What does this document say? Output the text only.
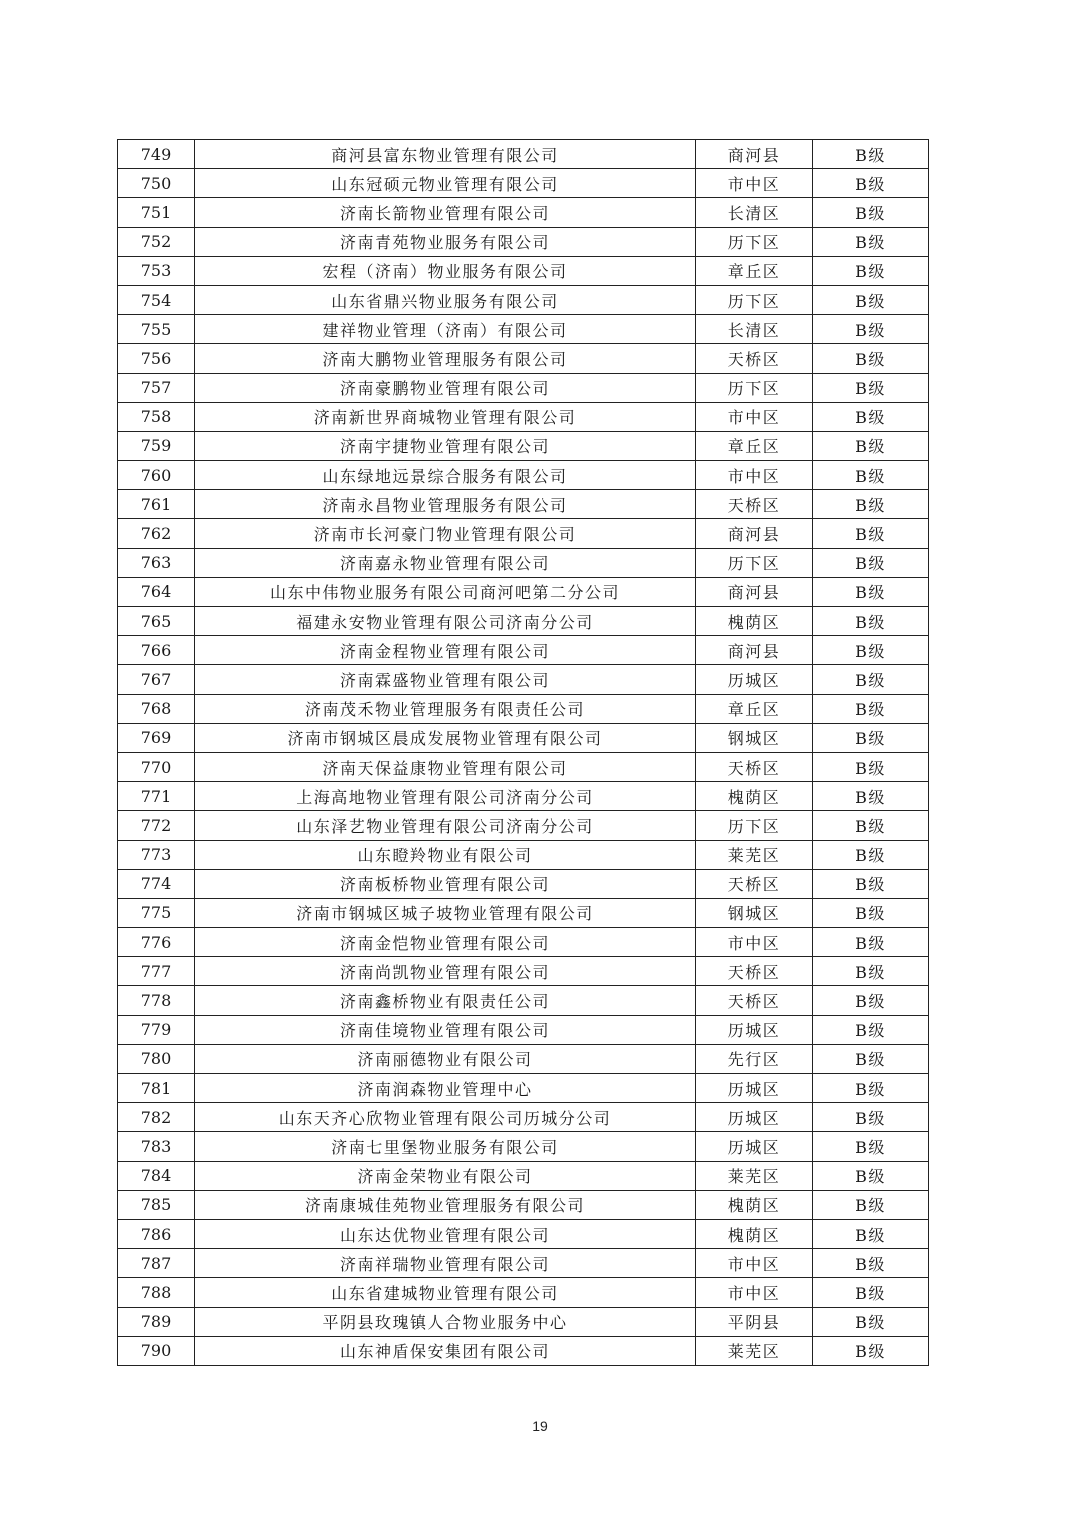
749	商河县富东物业管理有限公司	商河县	B级
750	山东冠硕元物业管理有限公司	市中区	B级
751	济南长箭物业管理有限公司	长清区	B级
752	济南青苑物业服务有限公司	历下区	B级
753	宏程（济南）物业服务有限公司	章丘区	B级
754	山东省鼎兴物业服务有限公司	历下区	B级
755	建祥物业管理（济南）有限公司	长清区	B级
756	济南大鹏物业管理服务有限公司	天桥区	B级
757	济南豪鹏物业管理有限公司	历下区	B级
758	济南新世界商城物业管理有限公司	市中区	B级
759	济南宇捷物业管理有限公司	章丘区	B级
760	山东绿地远景综合服务有限公司	市中区	B级
761	济南永昌物业管理服务有限公司	天桥区	B级
762	济南市长河豪门物业管理有限公司	商河县	B级
763	济南嘉永物业管理有限公司	历下区	B级
764	山东中伟物业服务有限公司商河吧第二分公司	商河县	B级
765	福建永安物业管理有限公司济南分公司	槐荫区	B级
766	济南金程物业管理有限公司	商河县	B级
767	济南霖盛物业管理有限公司	历城区	B级
768	济南茂禾物业管理服务有限责任公司	章丘区	B级
769	济南市钢城区晨成发展物业管理有限公司	钢城区	B级
770	济南天保益康物业管理有限公司	天桥区	B级
771	上海高地物业管理有限公司济南分公司	槐荫区	B级
772	山东泽艺物业管理有限公司济南分公司	历下区	B级
773	山东瞪羚物业有限公司	莱芜区	B级
774	济南板桥物业管理有限公司	天桥区	B级
775	济南市钢城区城子坡物业管理有限公司	钢城区	B级
776	济南金恺物业管理有限公司	市中区	B级
777	济南尚凯物业管理有限公司	天桥区	B级
778	济南鑫桥物业有限责任公司	天桥区	B级
779	济南佳境物业管理有限公司	历城区	B级
780	济南丽德物业有限公司	先行区	B级
781	济南润森物业管理中心	历城区	B级
782	山东天齐心欣物业管理有限公司历城分公司	历城区	B级
783	济南七里堡物业服务有限公司	历城区	B级
784	济南金荣物业有限公司	莱芜区	B级
785	济南康城佳苑物业管理服务有限公司	槐荫区	B级
786	山东达优物业管理有限公司	槐荫区	B级
787	济南祥瑞物业管理有限公司	市中区	B级
788	山东省建城物业管理有限公司	市中区	B级
789	平阴县玫瑰镇人合物业服务中心	平阴县	B级
790	山东神盾保安集团有限公司	莱芜区	B级
19
